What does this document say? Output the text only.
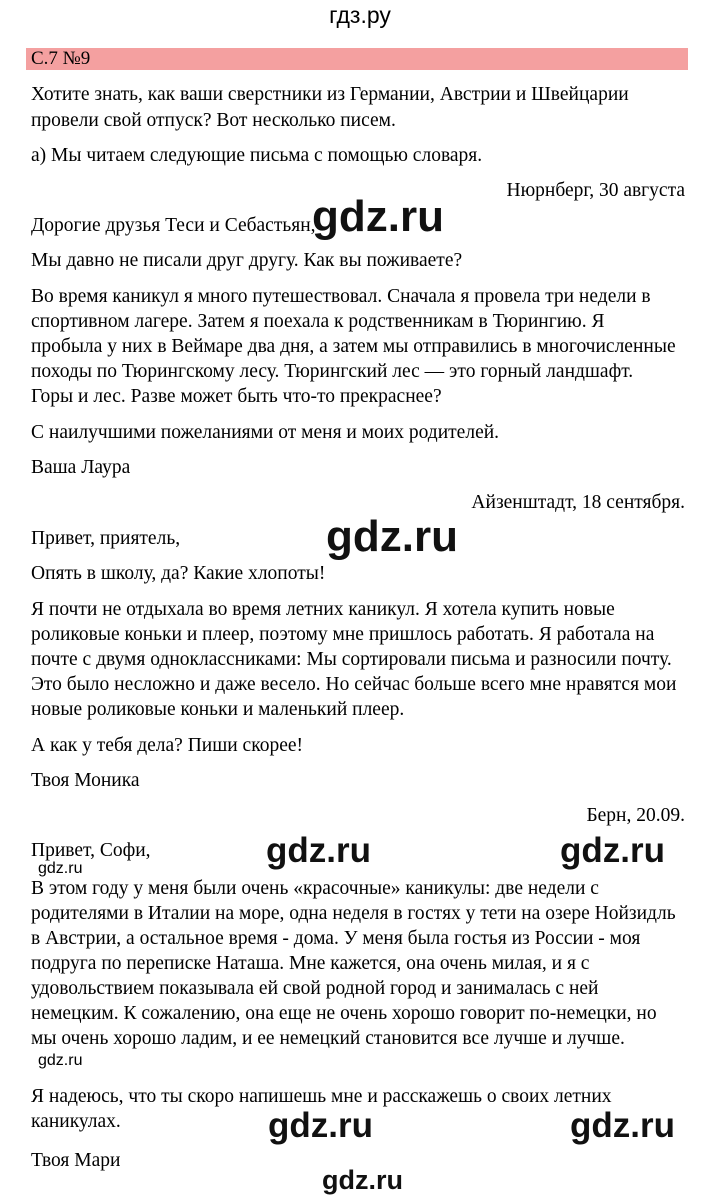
гдз.ру
С.7 №9
Хотите знать, как ваши сверстники из Германии, Австрии и Швейцарии
провели свой отпуск? Вот несколько писем.
а) Мы читаем следующие письма с помощью словаря.
Нюрнберг, 30 августа
Дорогие друзья Теси и Себастьян,
Мы давно не писали друг другу. Как вы поживаете?
Во время каникул я много путешествовал. Сначала я провела три недели в
спортивном лагере. Затем я поехала к родственникам в Тюрингию. Я
пробыла у них в Веймаре два дня, а затем мы отправились в многочисленные
походы по Тюрингскому лесу. Тюрингский лес — это горный ландшафт.
Горы и лес. Разве может быть что-то прекраснее?
С наилучшими пожеланиями от меня и моих родителей.
Ваша Лаура
Айзенштадт, 18 сентября.
Привет, приятель,
Опять в школу, да? Какие хлопоты!
Я почти не отдыхала во время летних каникул. Я хотела купить новые
роликовые коньки и плеер, поэтому мне пришлось работать. Я работала на
почте с двумя одноклассниками: Мы сортировали письма и разносили почту.
Это было несложно и даже весело. Но сейчас больше всего мне нравятся мои
новые роликовые коньки и маленький плеер.
А как у тебя дела? Пиши скорее!
Твоя Моника
Берн, 20.09.
Привет, Софи,
В этом году у меня были очень «красочные» каникулы: две недели с
родителями в Италии на море, одна неделя в гостях у тети на озере Нойзидль
в Австрии, а остальное время - дома. У меня была гостья из России - моя
подруга по переписке Наташа. Мне кажется, она очень милая, и я с
удовольствием показывала ей свой родной город и занималась с ней
немецким. К сожалению, она еще не очень хорошо говорит по-немецки, но
мы очень хорошо ладим, и ее немецкий становится все лучше и лучше.
Я надеюсь, что ты скоро напишешь мне и расскажешь о своих летних
каникулах.
Твоя Мари
gdz.ru
gdz.ru
gdz.ru	gdz.ru
gdz.ru	gdz.ru
gdz.ru
gdz.ru
gdz.ru
